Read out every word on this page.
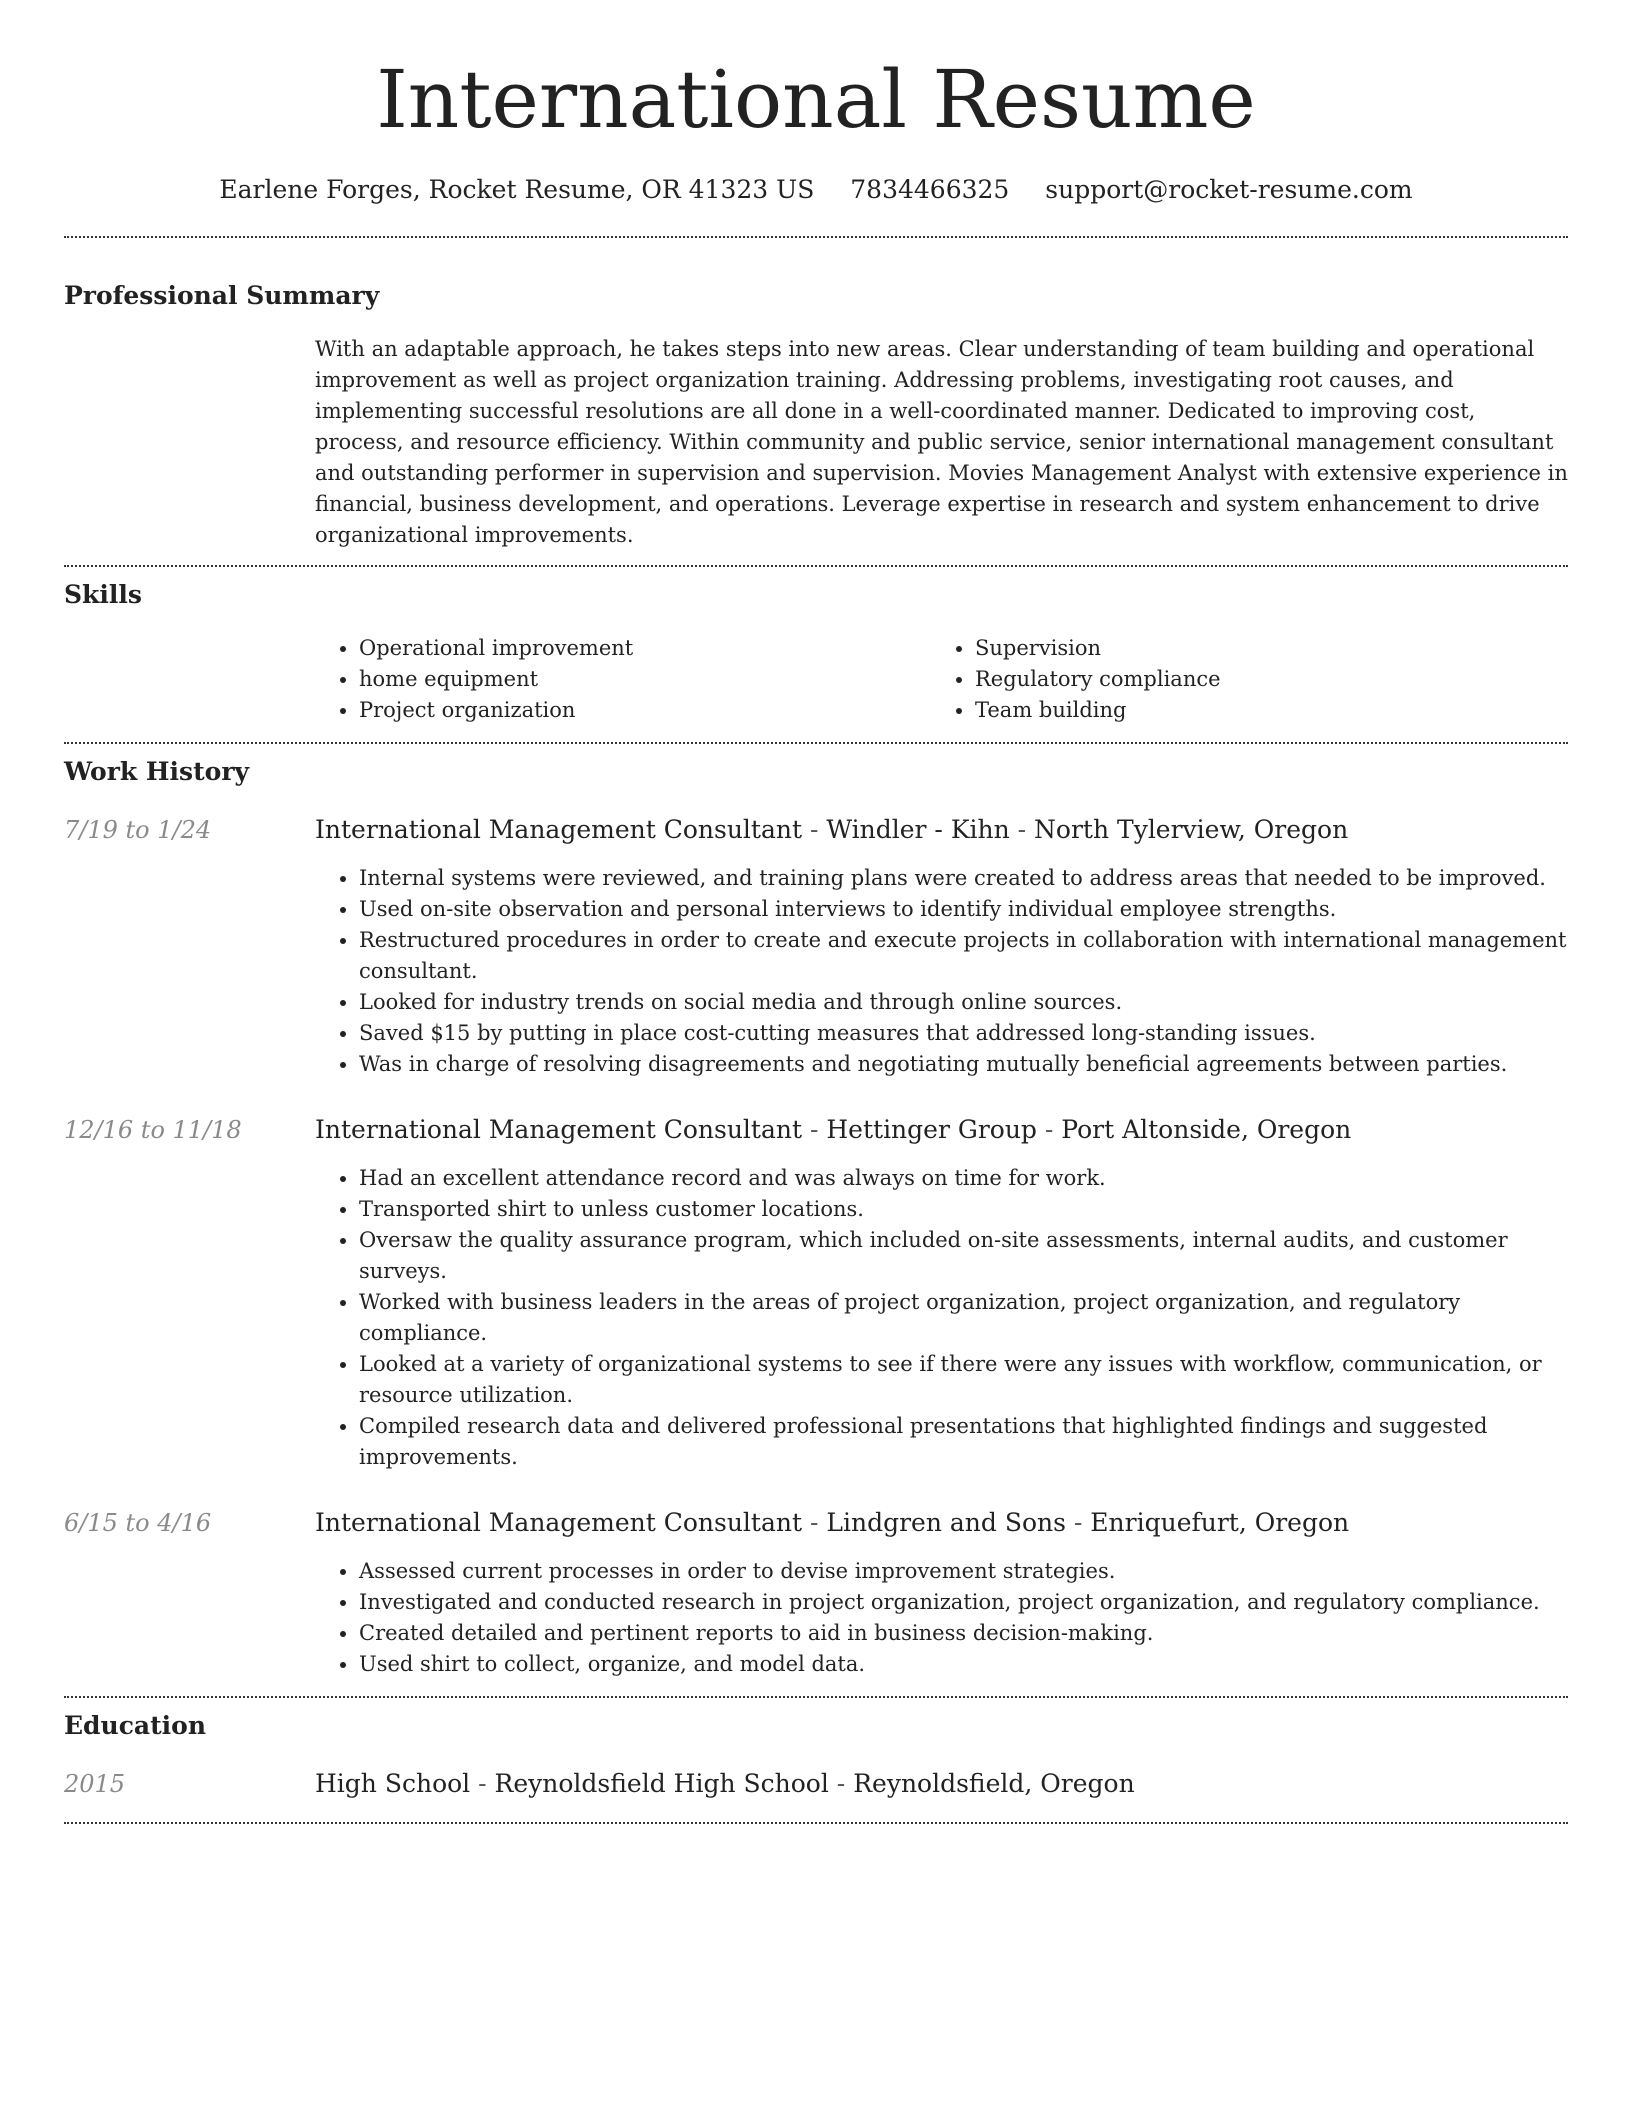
International Resume
Earlene Forges, Rocket Resume, OR 41323 US 7834466325 support@rocket-resume.com
Professional Summary
With an adaptable approach, he takes steps into new areas. Clear understanding of team building and operational improvement as well as project organization training. Addressing problems, investigating root causes, and implementing successful resolutions are all done in a well-coordinated manner. Dedicated to improving cost, process, and resource efficiency. Within community and public service, senior international management consultant and outstanding performer in supervision and supervision. Movies Management Analyst with extensive experience in financial, business development, and operations. Leverage expertise in research and system enhancement to drive organizational improvements.
Skills
• Operational improvement
• home equipment
• Project organization
• Supervision
• Regulatory compliance
• Team building
Work History
7/19 to 1/24	International Management Consultant - Windler - Kihn - North Tylerview, Oregon
• Internal systems were reviewed, and training plans were created to address areas that needed to be improved.
• Used on-site observation and personal interviews to identify individual employee strengths.
• Restructured procedures in order to create and execute projects in collaboration with international management consultant.
• Looked for industry trends on social media and through online sources.
• Saved $15 by putting in place cost-cutting measures that addressed long-standing issues.
• Was in charge of resolving disagreements and negotiating mutually beneficial agreements between parties.
12/16 to 11/18	International Management Consultant - Hettinger Group - Port Altonside, Oregon
• Had an excellent attendance record and was always on time for work.
• Transported shirt to unless customer locations.
• Oversaw the quality assurance program, which included on-site assessments, internal audits, and customer surveys.
• Worked with business leaders in the areas of project organization, project organization, and regulatory compliance.
• Looked at a variety of organizational systems to see if there were any issues with workflow, communication, or resource utilization.
• Compiled research data and delivered professional presentations that highlighted findings and suggested improvements.
6/15 to 4/16	International Management Consultant - Lindgren and Sons - Enriquefurt, Oregon
• Assessed current processes in order to devise improvement strategies.
• Investigated and conducted research in project organization, project organization, and regulatory compliance.
• Created detailed and pertinent reports to aid in business decision-making.
• Used shirt to collect, organize, and model data.
Education
2015	High School - Reynoldsfield High School - Reynoldsfield, Oregon
